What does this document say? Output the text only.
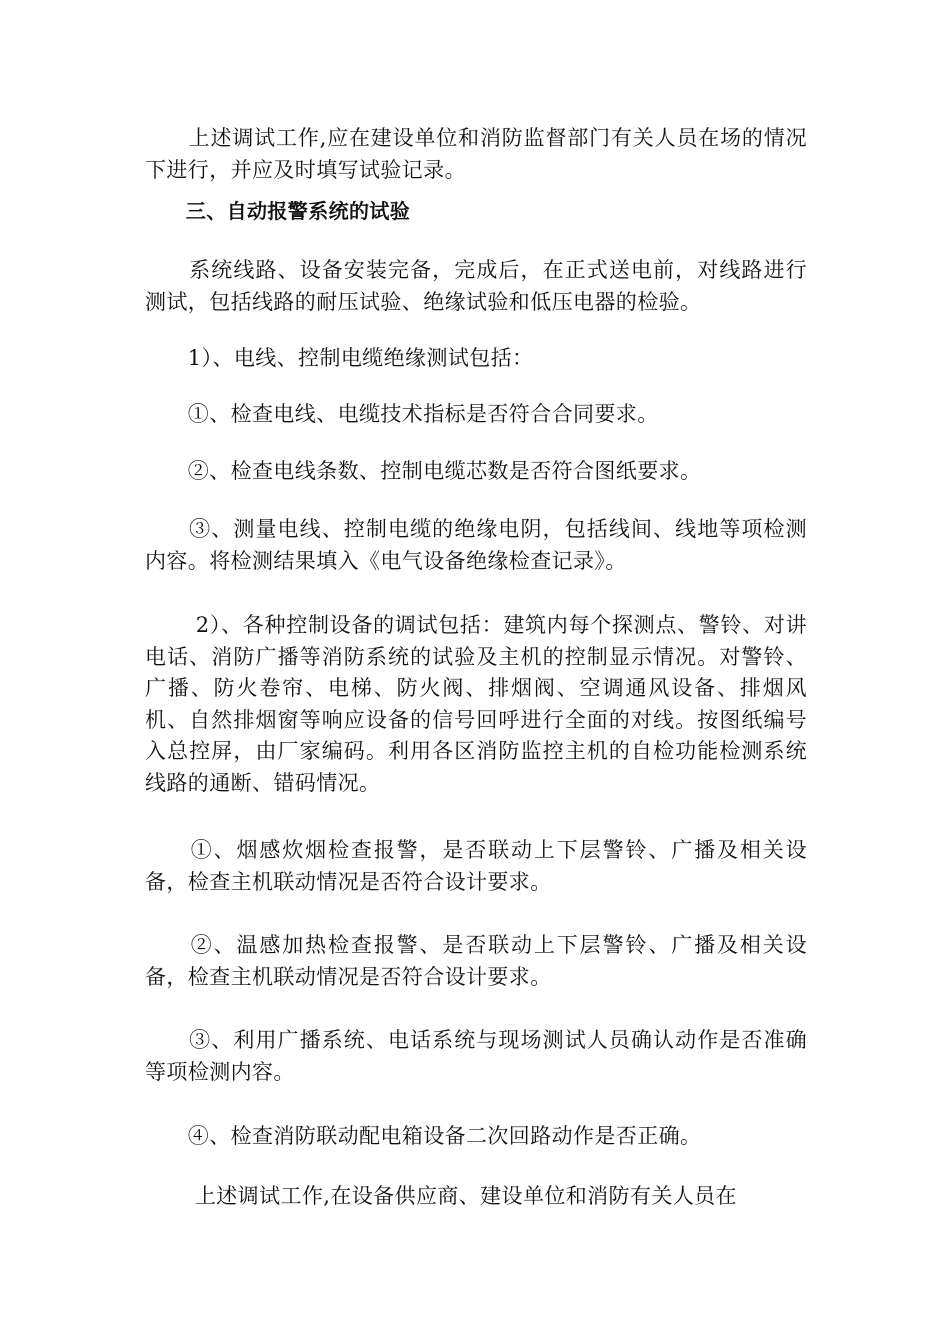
　　上述调试工作,应在建设单位和消防监督部门有关人员在场的情况下进行，并应及时填写试验记录。

　　三、自动报警系统的试验

　　系统线路、设备安装完备，完成后，在正式送电前，对线路进行测试，包括线路的耐压试验、绝缘试验和低压电器的检验。

　　1）、电线、控制电缆绝缘测试包括：

　　①、检查电线、电缆技术指标是否符合合同要求。

　　②、检查电线条数、控制电缆芯数是否符合图纸要求。

　　③、测量电线、控制电缆的绝缘电阴，包括线间、线地等项检测内容。将检测结果填入《电气设备绝缘检查记录》。

　　 2）、各种控制设备的调试包括：建筑内每个探测点、警铃、对讲电话、消防广播等消防系统的试验及主机的控制显示情况。对警铃、广播、防火卷帘、电梯、防火阀、排烟阀、空调通风设备、排烟风机、自然排烟窗等响应设备的信号回呼进行全面的对线。按图纸编号入总控屏，由厂家编码。利用各区消防监控主机的自检功能检测系统线路的通断、错码情况。

　　①、烟感炊烟检查报警，是否联动上下层警铃、广播及相关设备，检查主机联动情况是否符合设计要求。

　　②、温感加热检查报警、是否联动上下层警铃、广播及相关设备，检查主机联动情况是否符合设计要求。

　　③、利用广播系统、电话系统与现场测试人员确认动作是否准确等项检测内容。

　　④、检查消防联动配电箱设备二次回路动作是否正确。

　　 上述调试工作,在设备供应商、建设单位和消防有关人员在
